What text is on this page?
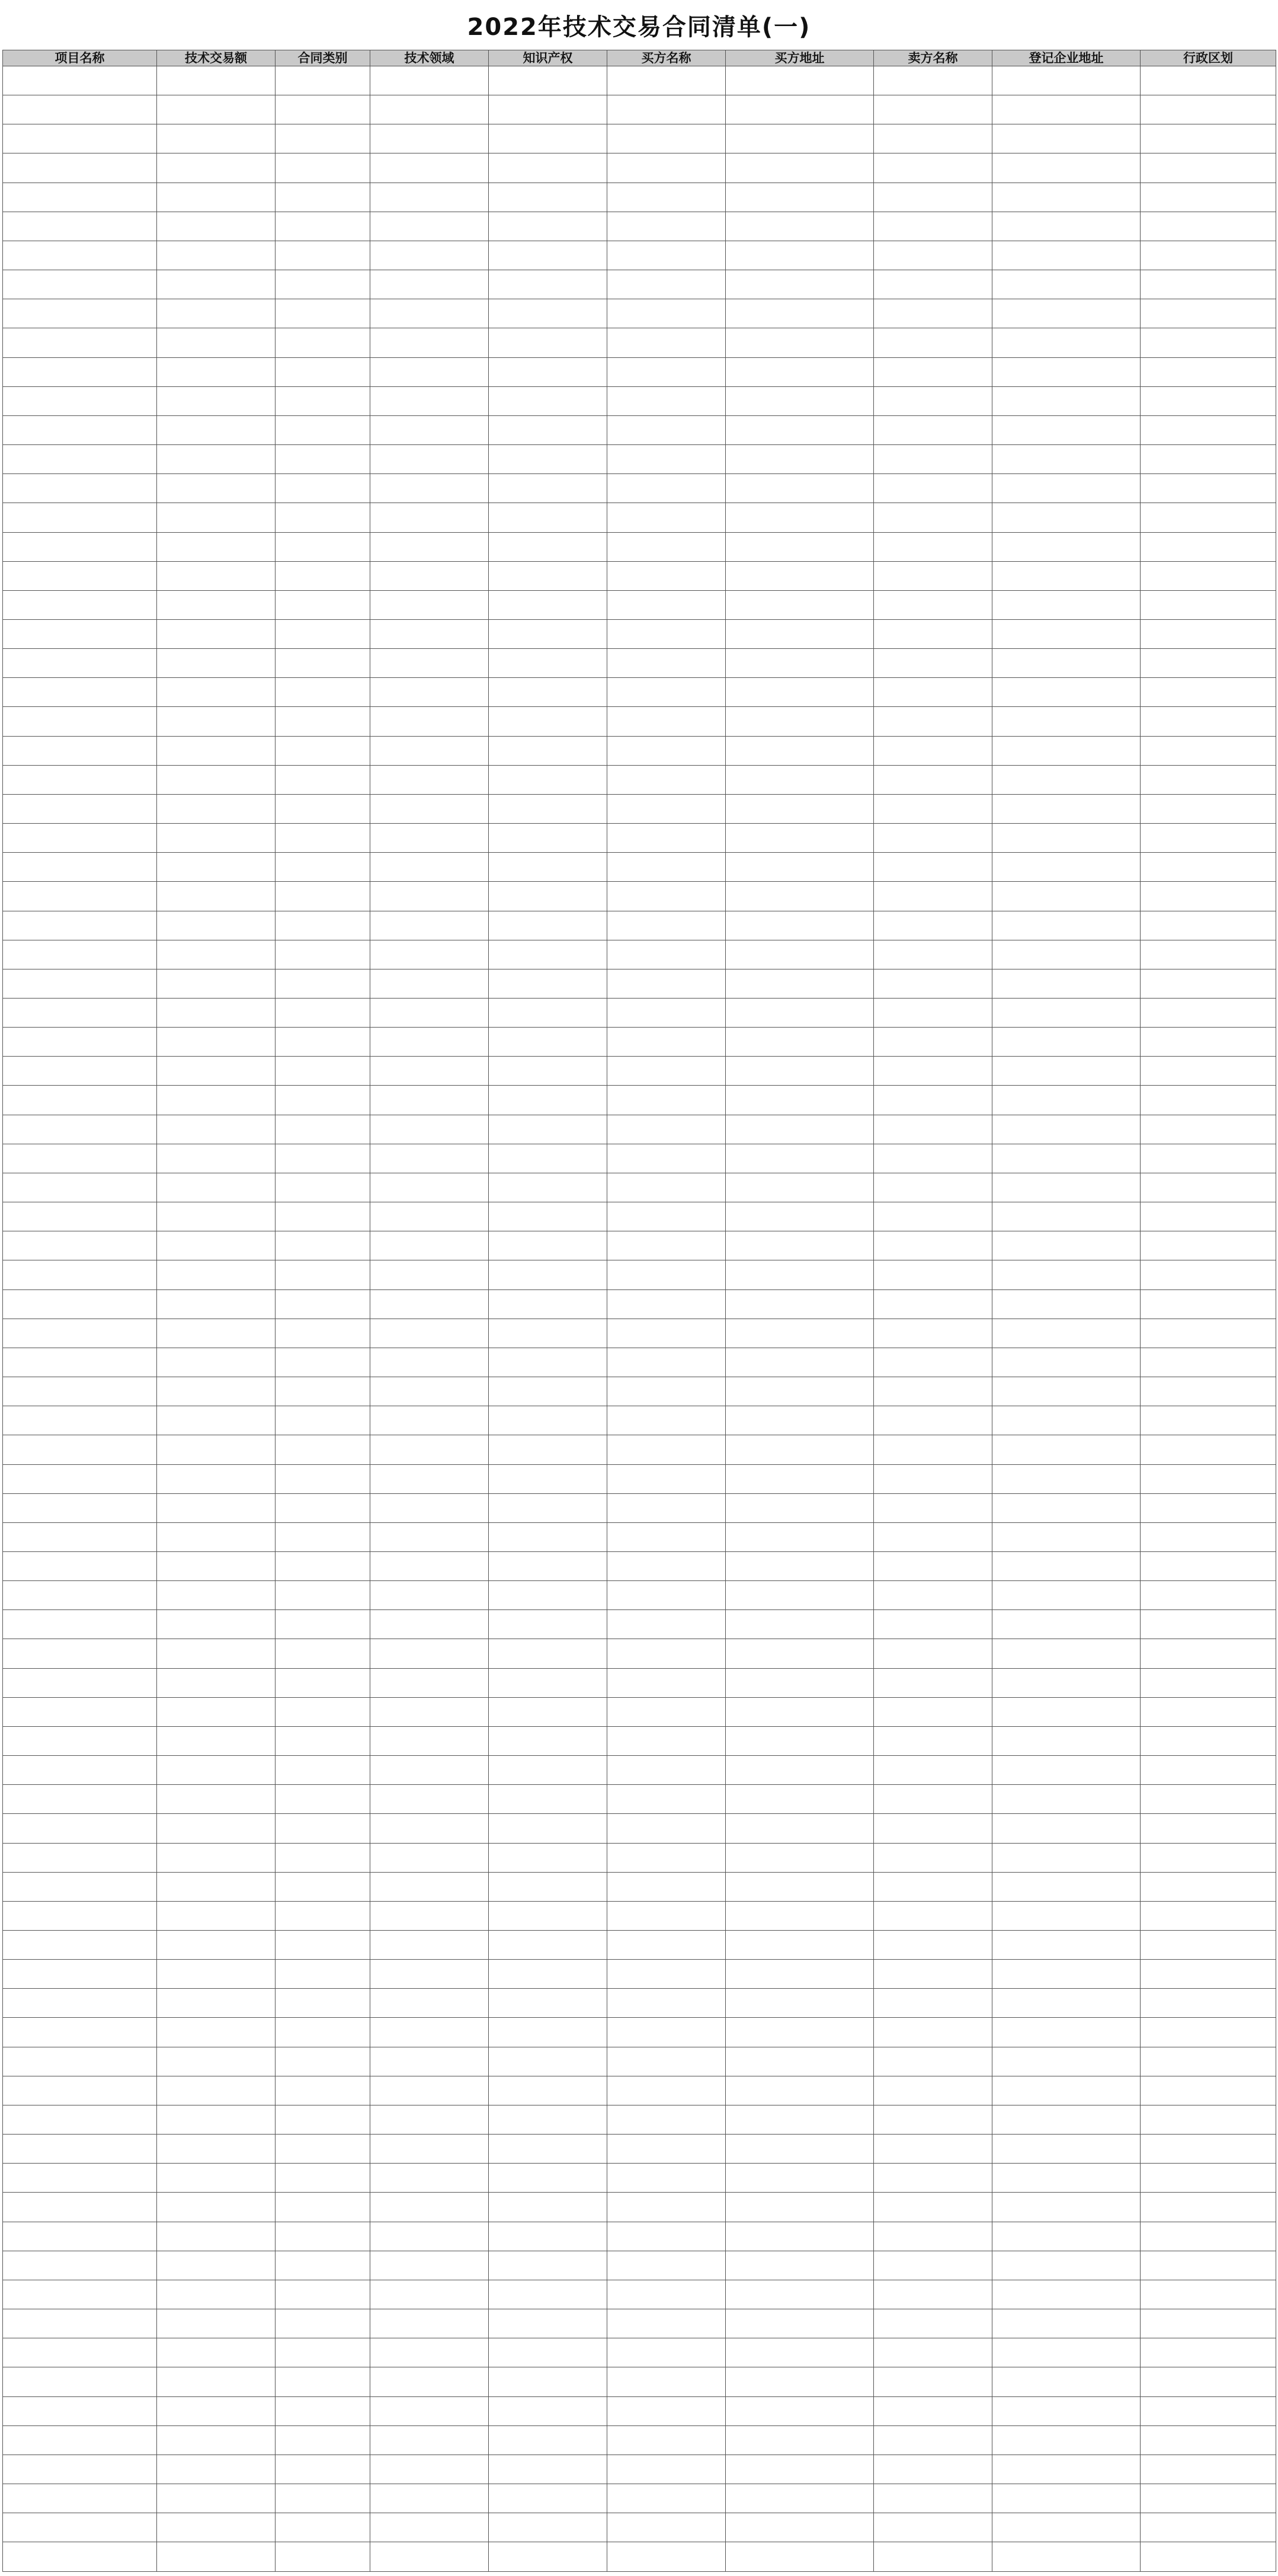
2022年技术交易合同清单(一)
项目名称	技术交易额	合同类别	技术领域	知识产权	买方名称	买方地址	卖方名称	登记企业地址	行政区划
